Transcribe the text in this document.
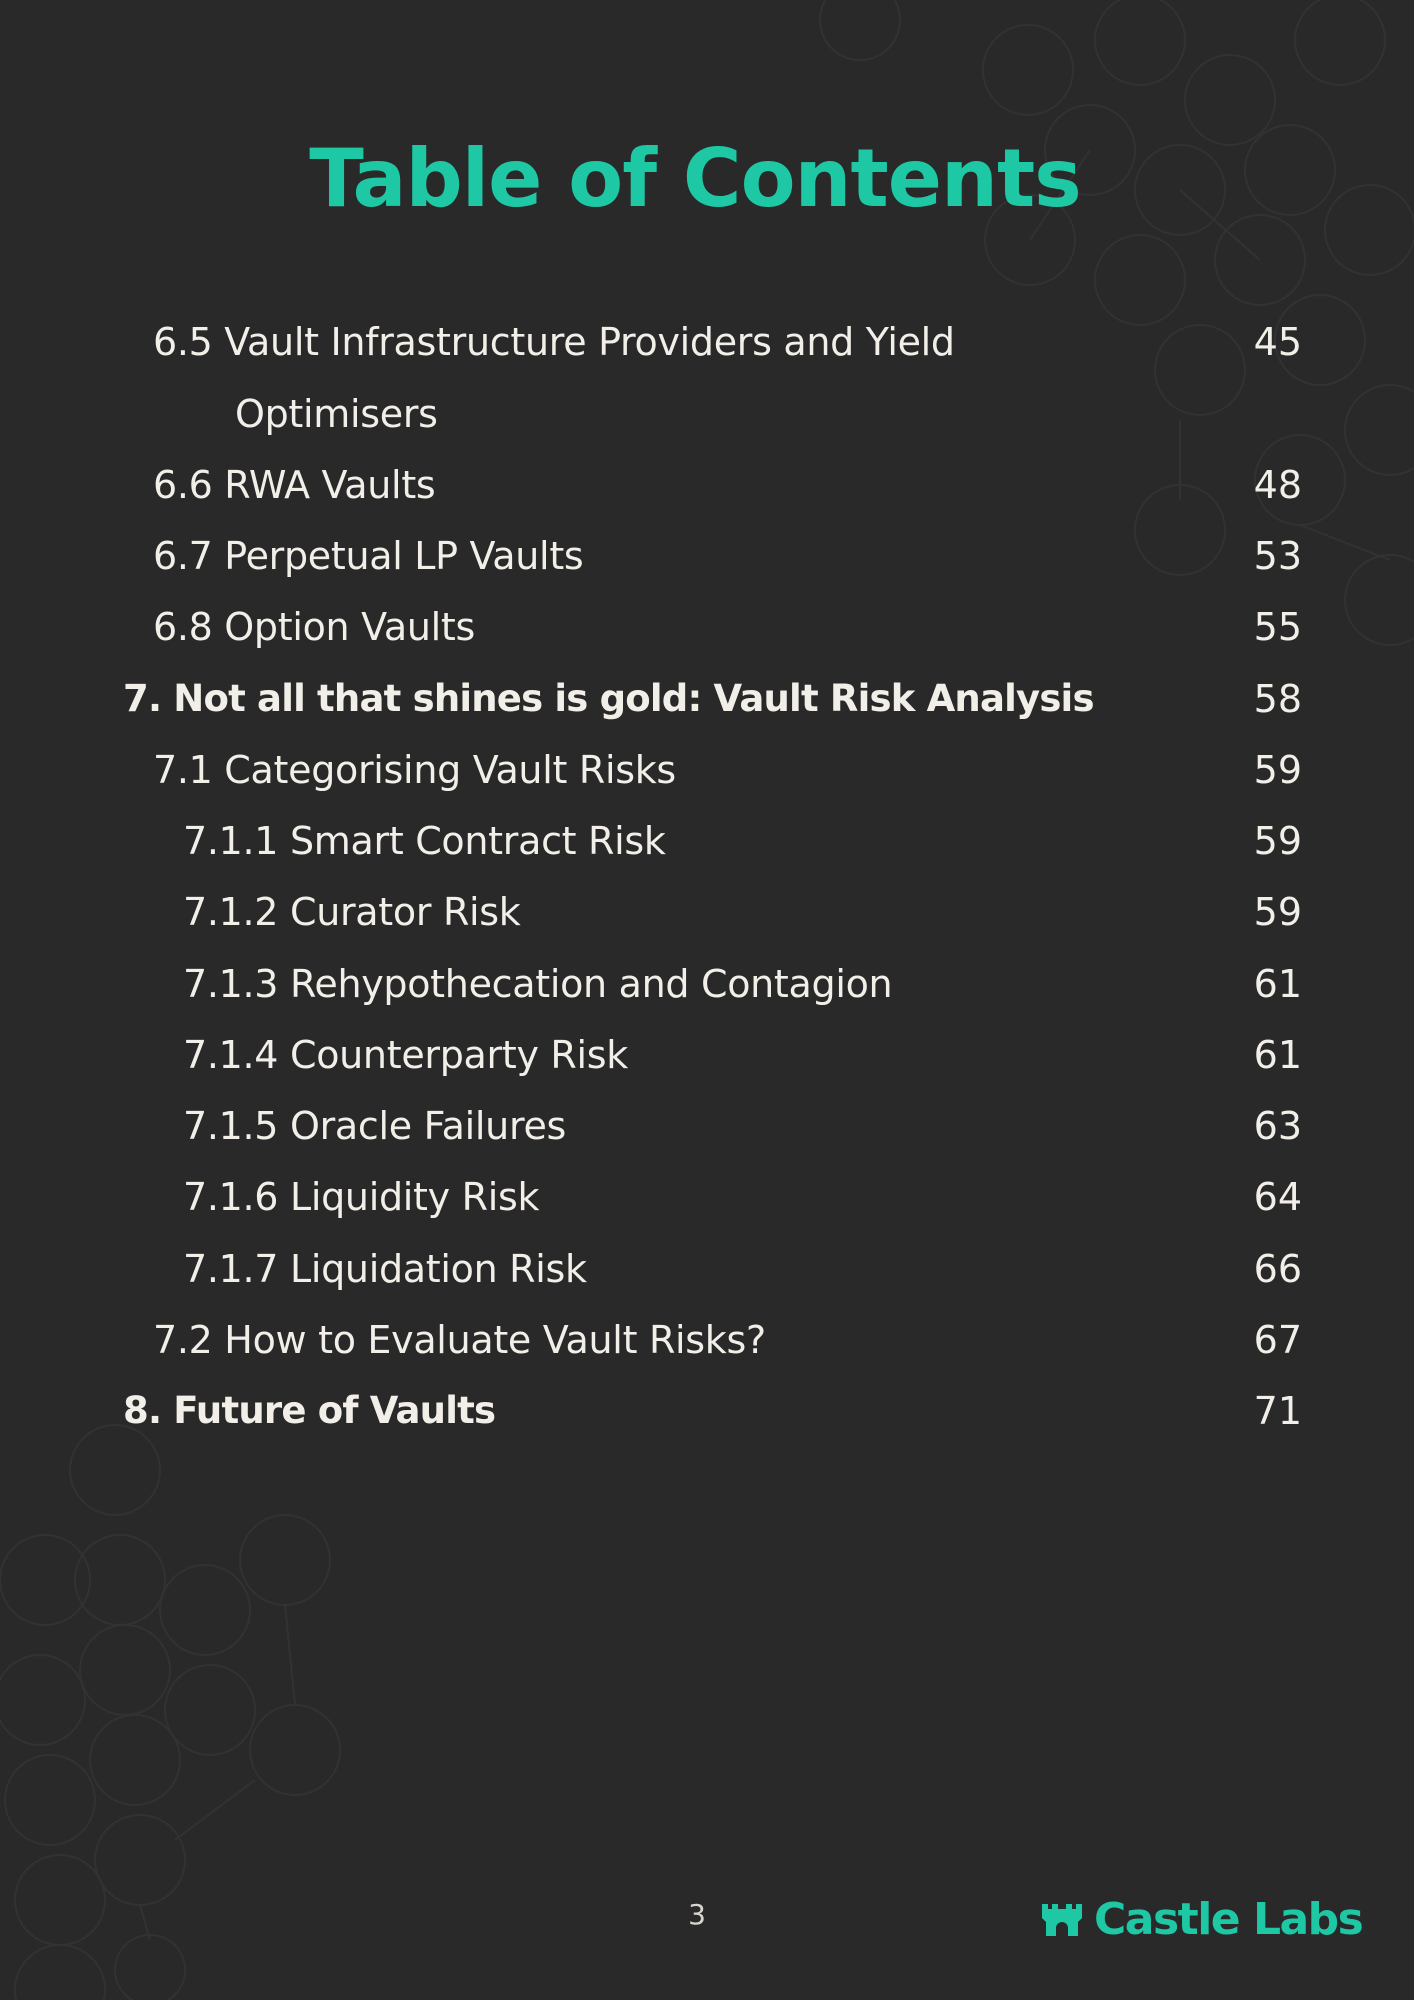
Table of Contents
6.5 Vault Infrastructure Providers and Yield	45
Optimisers
6.6 RWA Vaults	48
6.7 Perpetual LP Vaults	53
6.8 Option Vaults	55
7. Not all that shines is gold: Vault Risk Analysis	58
7.1 Categorising Vault Risks	59
7.1.1 Smart Contract Risk	59
7.1.2 Curator Risk	59
7.1.3 Rehypothecation and Contagion	61
7.1.4 Counterparty Risk	61
7.1.5 Oracle Failures	63
7.1.6 Liquidity Risk	64
7.1.7 Liquidation Risk	66
7.2 How to Evaluate Vault Risks?	67
8. Future of Vaults	71
3	Castle Labs
